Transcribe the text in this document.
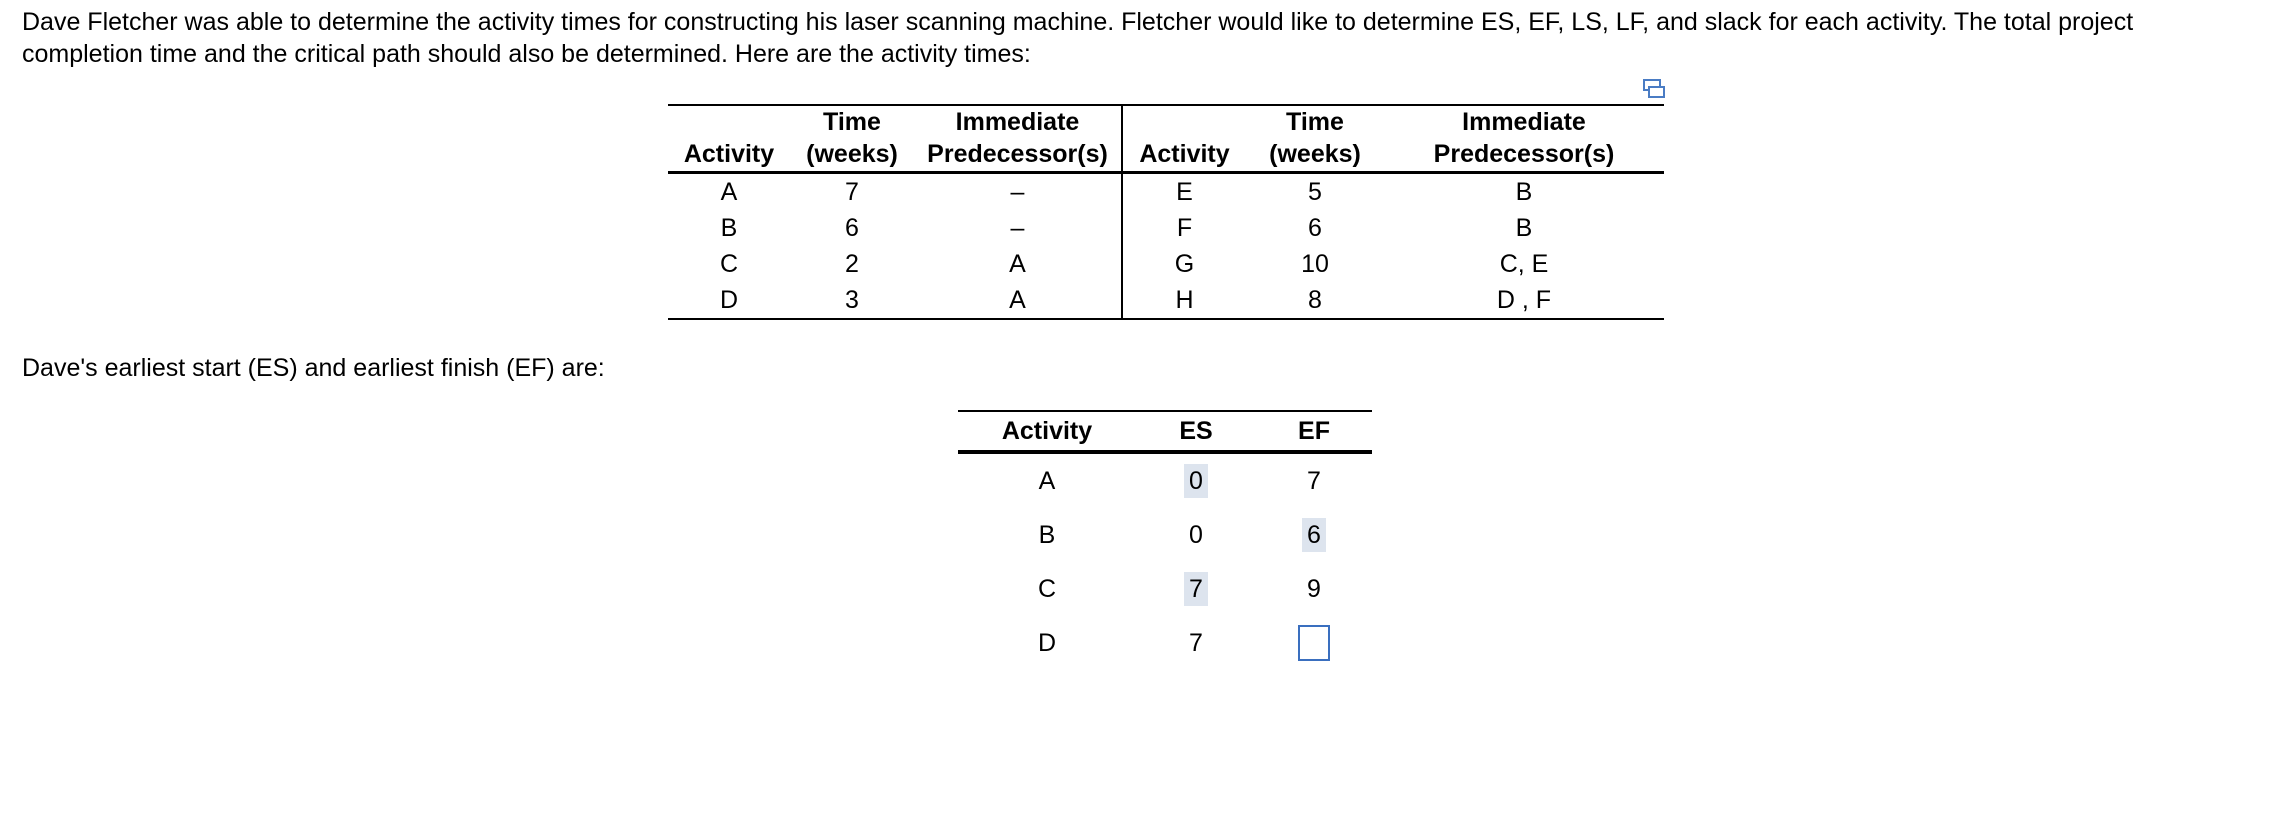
Dave Fletcher was able to determine the activity times for constructing his laser scanning machine. Fletcher would like to determine ES, EF, LS, LF, and slack for each activity. The total project completion time and the critical path should also be determined. Here are the activity times:

	Time	Immediate		Time	Immediate
Activity	(weeks)	Predecessor(s)	Activity	(weeks)	Predecessor(s)
A	7	–	E	5	B
B	6	–	F	6	B
C	2	A	G	10	C, E
D	3	A	H	8	D , F

Dave's earliest start (ES) and earliest finish (EF) are:

Activity	ES	EF
A	0	7
B	0	6
C	7	9
D	7	
